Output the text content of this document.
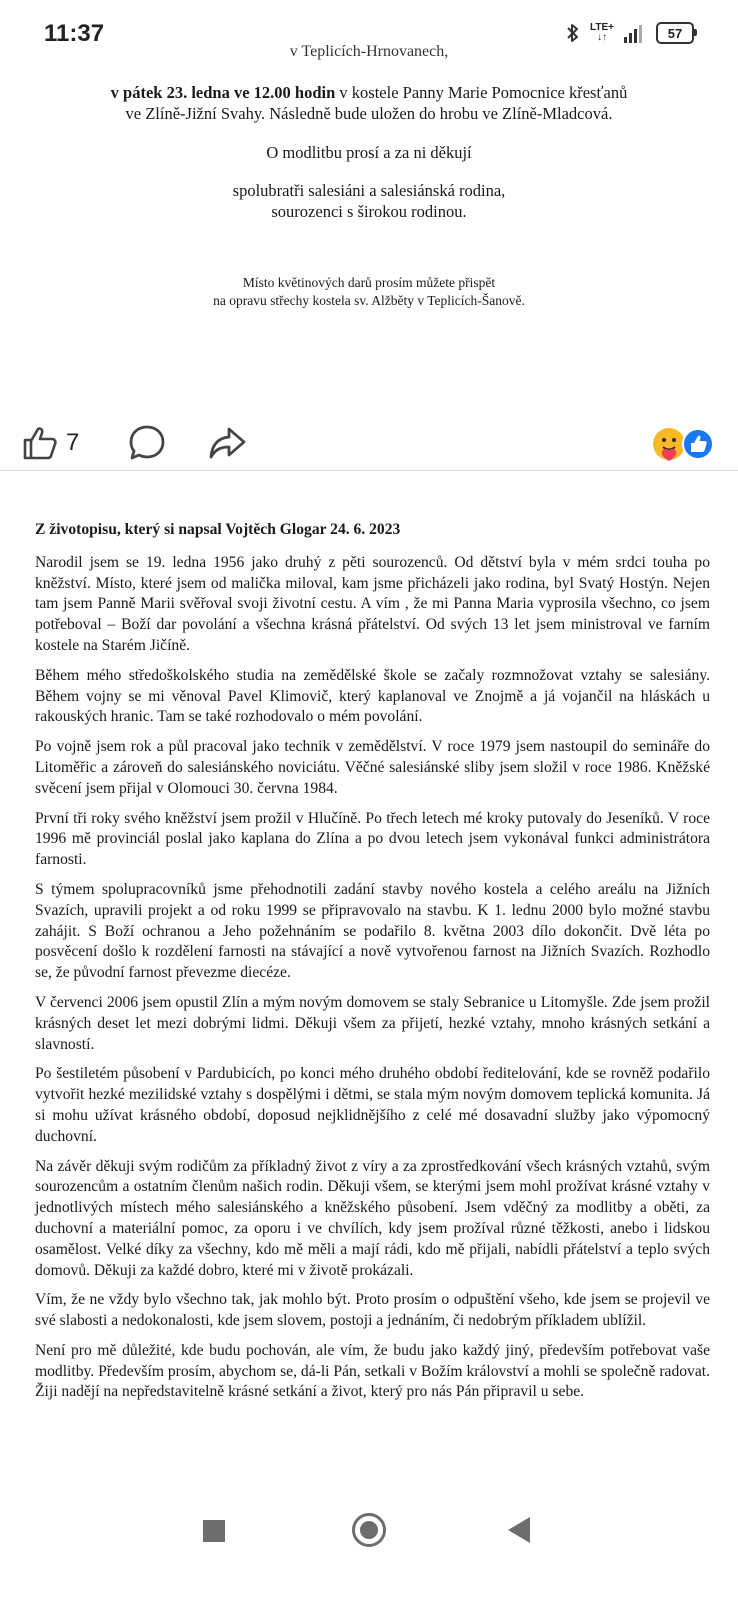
11:37	LTE+
↓↑	57
v Teplicích-Hrnovanech,

v pátek 23. ledna ve 12.00 hodin v kostele Panny Marie Pomocnice křesťanů

ve Zlíně-Jižní Svahy. Následně bude uložen do hrobu ve Zlíně-Mladcová.

O modlitbu prosí a za ni děkují

spolubratři salesiáni a salesiánská rodina,

sourozenci s širokou rodinou.

Místo květinových darů prosím můžete přispět

na opravu střechy kostela sv. Alžběty v Teplicích-Šanově.

7
Z životopisu, který si napsal Vojtěch Glogar 24. 6. 2023

Narodil jsem se 19. ledna 1956 jako druhý z pěti sourozenců. Od dětství byla v mém srdci touha po kněžství. Místo, které jsem od malička miloval, kam jsme přicházeli jako rodina, byl Svatý Hostýn. Nejen tam jsem Panně Marii svěřoval svoji životní cestu. A vím , že mi Panna Maria vyprosila všechno, co jsem potřeboval – Boží dar povolání a všechna krásná přátelství. Od svých 13 let jsem ministroval ve farním kostele na Starém Jičíně.

Během mého středoškolského studia na zemědělské škole se začaly rozmnožovat vztahy se salesiány. Během vojny se mi věnoval Pavel Klimovič, který kaplanoval ve Znojmě a já vojančil na hláskách u rakouských hranic. Tam se také rozhodovalo o mém povolání.

Po vojně jsem rok a půl pracoval jako technik v zemědělství. V roce 1979 jsem nastoupil do semináře do Litoměřic a zároveň do salesiánského noviciátu. Věčné salesiánské sliby jsem složil v roce 1986. Kněžské svěcení jsem přijal v Olomouci 30. června 1984.

První tři roky svého kněžství jsem prožil v Hlučíně. Po třech letech mé kroky putovaly do Jeseníků. V roce 1996 mě provinciál poslal jako kaplana do Zlína a po dvou letech jsem vykonával funkci administrátora farnosti.

S týmem spolupracovníků jsme přehodnotili zadání stavby nového kostela a celého areálu na Jižních Svazích, upravili projekt a od roku 1999 se připravovalo na stavbu. K 1. lednu 2000 bylo možné stavbu zahájit. S Boží ochranou a Jeho požehnáním se podařilo 8. května 2003 dílo dokončit. Dvě léta po posvěcení došlo k rozdělení farnosti na stávající a nově vytvořenou farnost na Jižních Svazích. Rozhodlo se, že původní farnost převezme diecéze.

V červenci 2006 jsem opustil Zlín a mým novým domovem se staly Sebranice u Litomyšle. Zde jsem prožil krásných deset let mezi dobrými lidmi. Děkuji všem za přijetí, hezké vztahy, mnoho krásných setkání a slavností.

Po šestiletém působení v Pardubicích, po konci mého druhého období ředitelování, kde se rovněž podařilo vytvořit hezké mezilidské vztahy s dospělými i dětmi, se stala mým novým domovem teplická komunita. Já si mohu užívat krásného období, doposud nejklidnějšího z celé mé dosavadní služby jako výpomocný duchovní.

Na závěr děkuji svým rodičům za příkladný život z víry a za zprostředkování všech krásných vztahů, svým sourozencům a ostatním členům našich rodin. Děkuji všem, se kterými jsem mohl prožívat krásné vztahy v jednotlivých místech mého salesiánského a kněžského působení. Jsem vděčný za modlitby a oběti, za duchovní a materiální pomoc, za oporu i ve chvílích, kdy jsem prožíval různé těžkosti, anebo i lidskou osamělost. Velké díky za všechny, kdo mě měli a mají rádi, kdo mě přijali, nabídli přátelství a teplo svých domovů. Děkuji za každé dobro, které mi v životě prokázali.

Vím, že ne vždy bylo všechno tak, jak mohlo být. Proto prosím o odpuštění všeho, kde jsem se projevil ve své slabosti a nedokonalosti, kde jsem slovem, postoji a jednáním, či nedobrým příkladem ublížil.

Není pro mě důležité, kde budu pochován, ale vím, že budu jako každý jiný, především potřebovat vaše modlitby. Především prosím, abychom se, dá-li Pán, setkali v Božím království a mohli se společně radovat. Žiji nadějí na nepředstavitelně krásné setkání a život, který pro nás Pán připravil u sebe.
